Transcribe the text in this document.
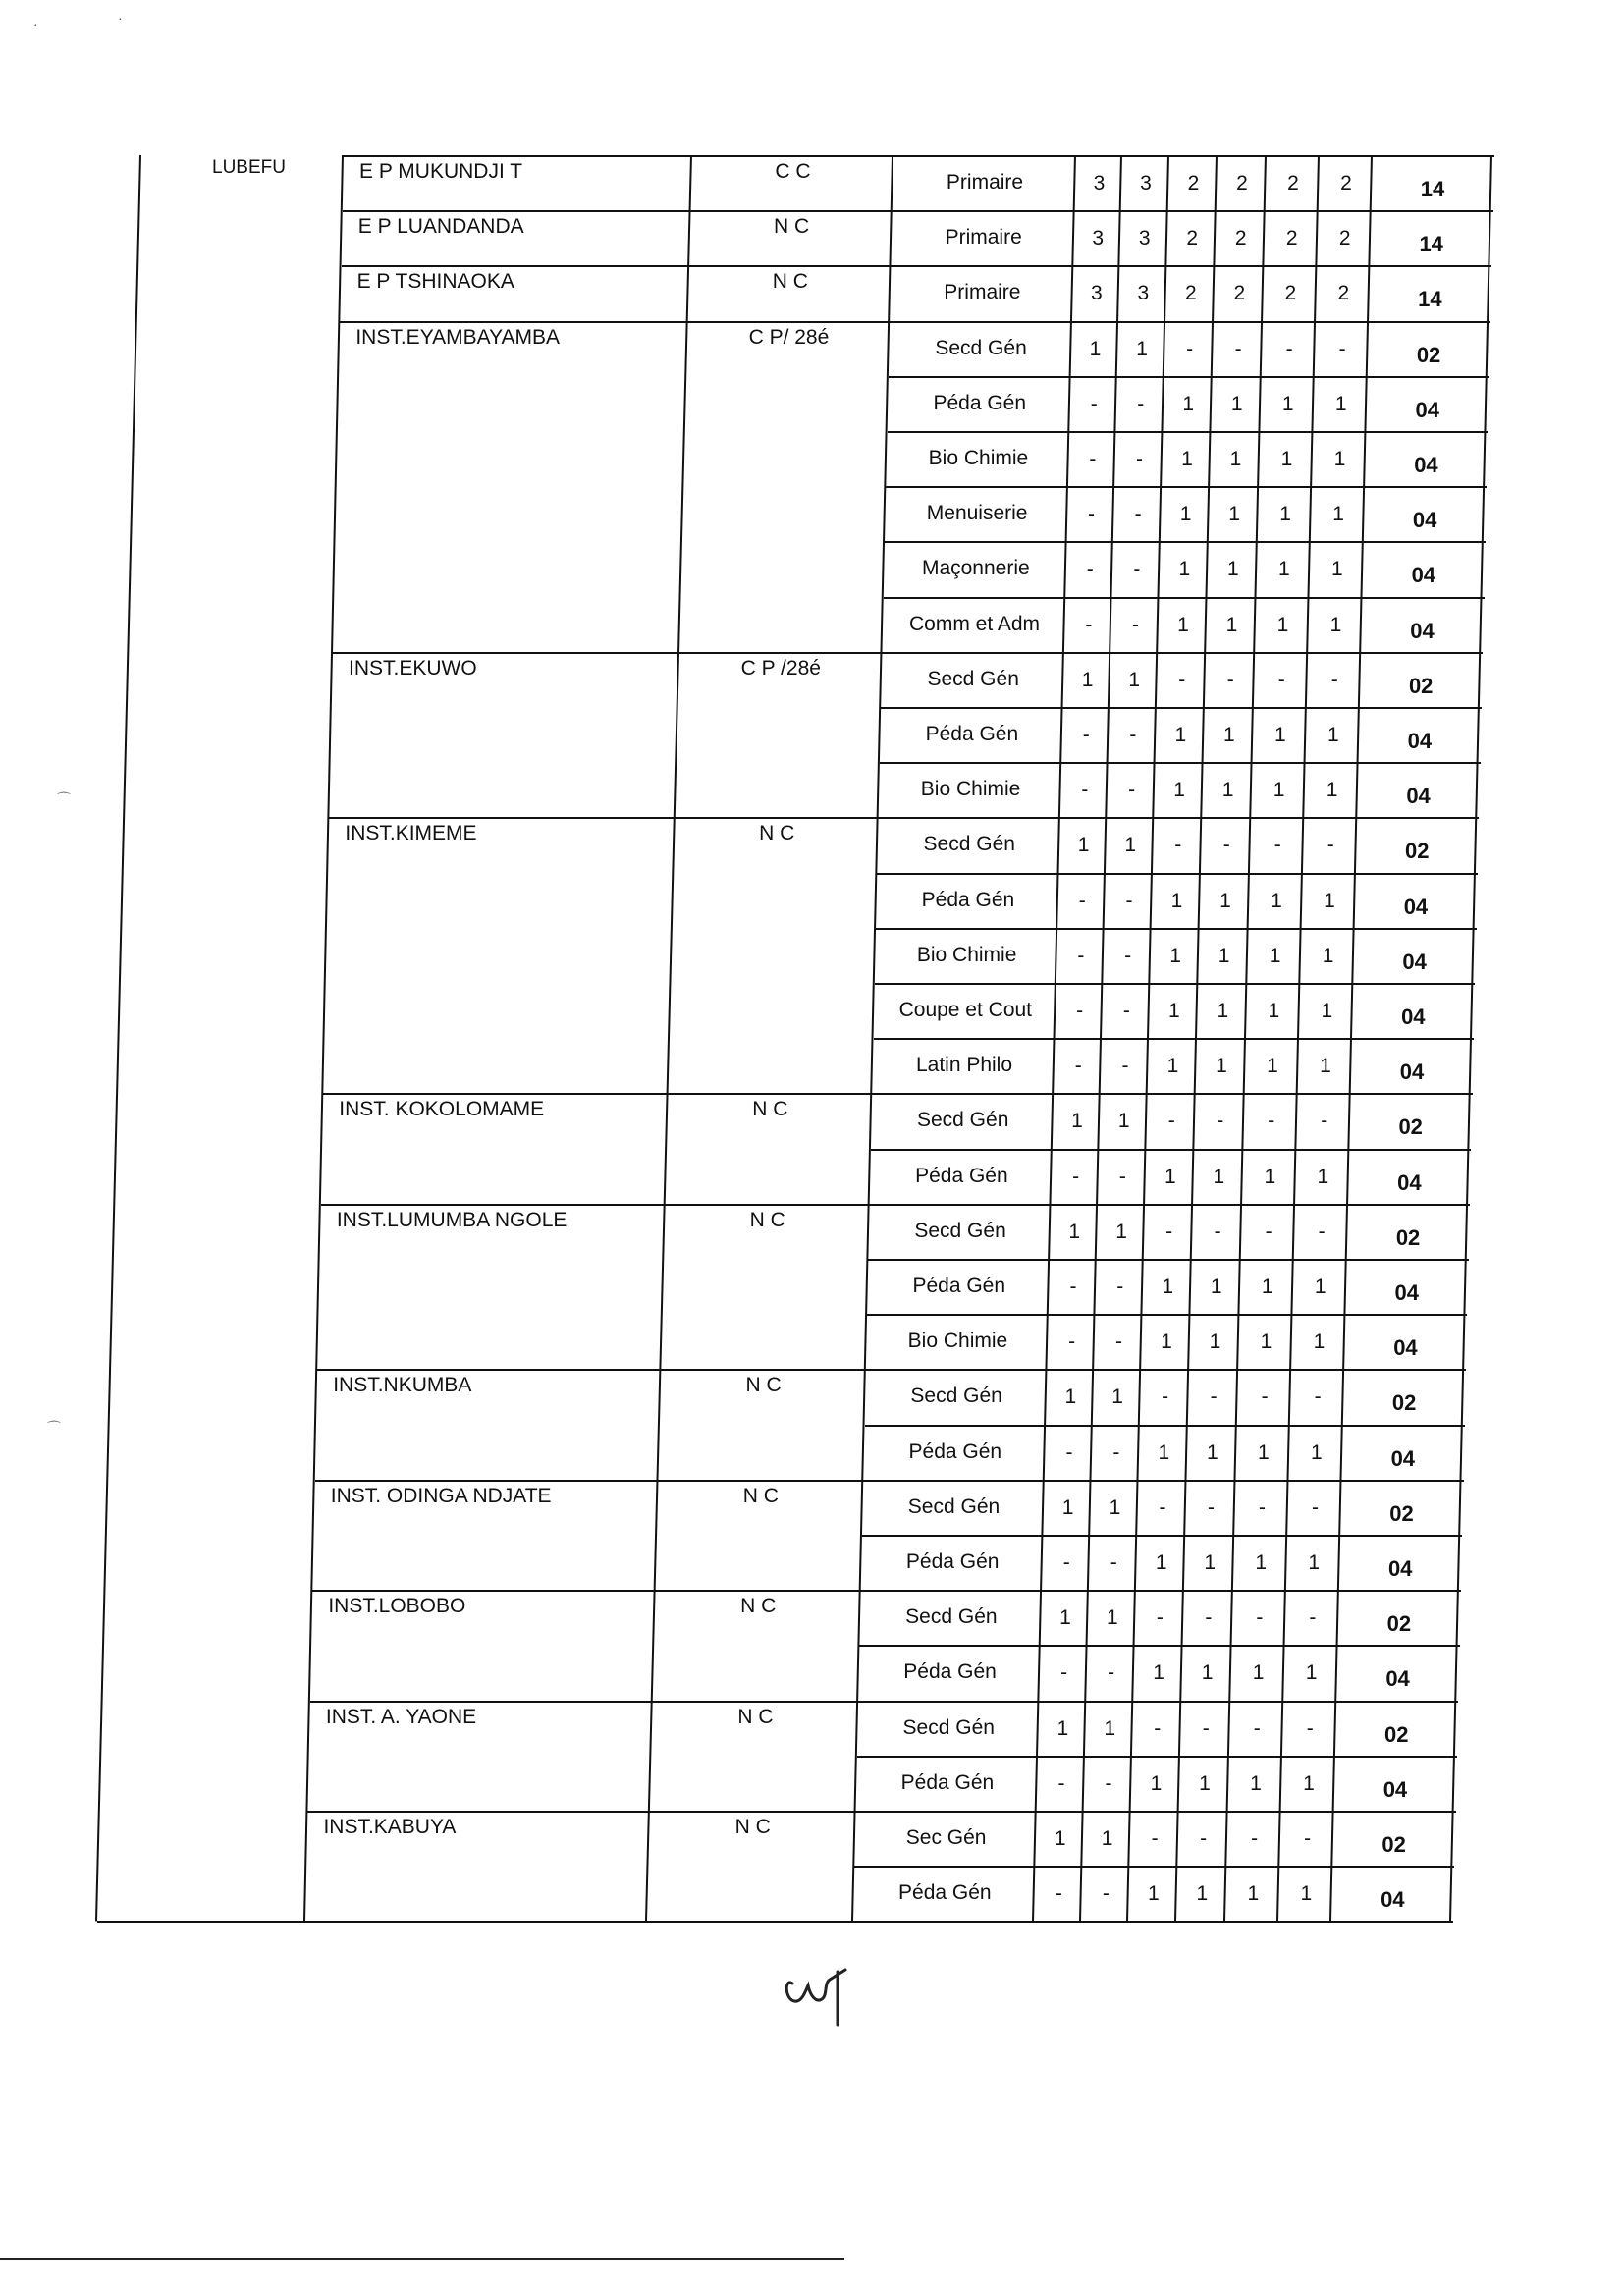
·	·
⌒
⌒
LUBEFU	E P MUKUNDJI T	C C	Primaire	3 3 2 2 2 2	14
E P LUANDANDA	N C	Primaire	3 3 2 2 2 2	14
E P TSHINAOKA	N C	Primaire	3 3 2 2 2 2	14
INST.EYAMBAYAMBA	C P/ 28é	Secd Gén	1 1 - - - -	02
Péda Gén	- - 1 1 1 1	04
Bio Chimie	- - 1 1 1 1	04
Menuiserie	- - 1 1 1 1	04
Maçonnerie	- - 1 1 1 1	04
Comm et Adm - - 1 1 1 1	04
INST.EKUWO	C P /28é	Secd Gén	1 1 - - - -	02
Péda Gén	- - 1 1 1 1	04
Bio Chimie	- - 1 1 1 1	04
INST.KIMEME	N C	Secd Gén	1 1 - - - -	02
Péda Gén	- - 1 1 1 1	04
Bio Chimie	- - 1 1 1 1	04
Coupe et Cout - - 1 1 1 1	04
Latin Philo	- - 1 1 1 1	04
INST. KOKOLOMAME	N C	Secd Gén	1 1 - - - -	02
Péda Gén	- - 1 1 1 1	04
INST.LUMUMBA NGOLE	N C	Secd Gén	1 1 - - - -	02
Péda Gén	- - 1 1 1 1	04
Bio Chimie	- - 1 1 1 1	04
INST.NKUMBA	N C	Secd Gén	1 1 - - - -	02
Péda Gén	- - 1 1 1 1	04
INST. ODINGA NDJATE	N C	Secd Gén	1 1 - - - -	02
Péda Gén	- - 1 1 1 1	04
INST.LOBOBO	N C	Secd Gén	1 1 - - - -	02
Péda Gén	- - 1 1 1 1	04
INST. A. YAONE	N C	Secd Gén	1 1 - - - -	02
Péda Gén	- - 1 1 1 1	04
INST.KABUYA	N C	Sec Gén	1 1 - - - -	02
Péda Gén	- - 1 1 1 1	04
